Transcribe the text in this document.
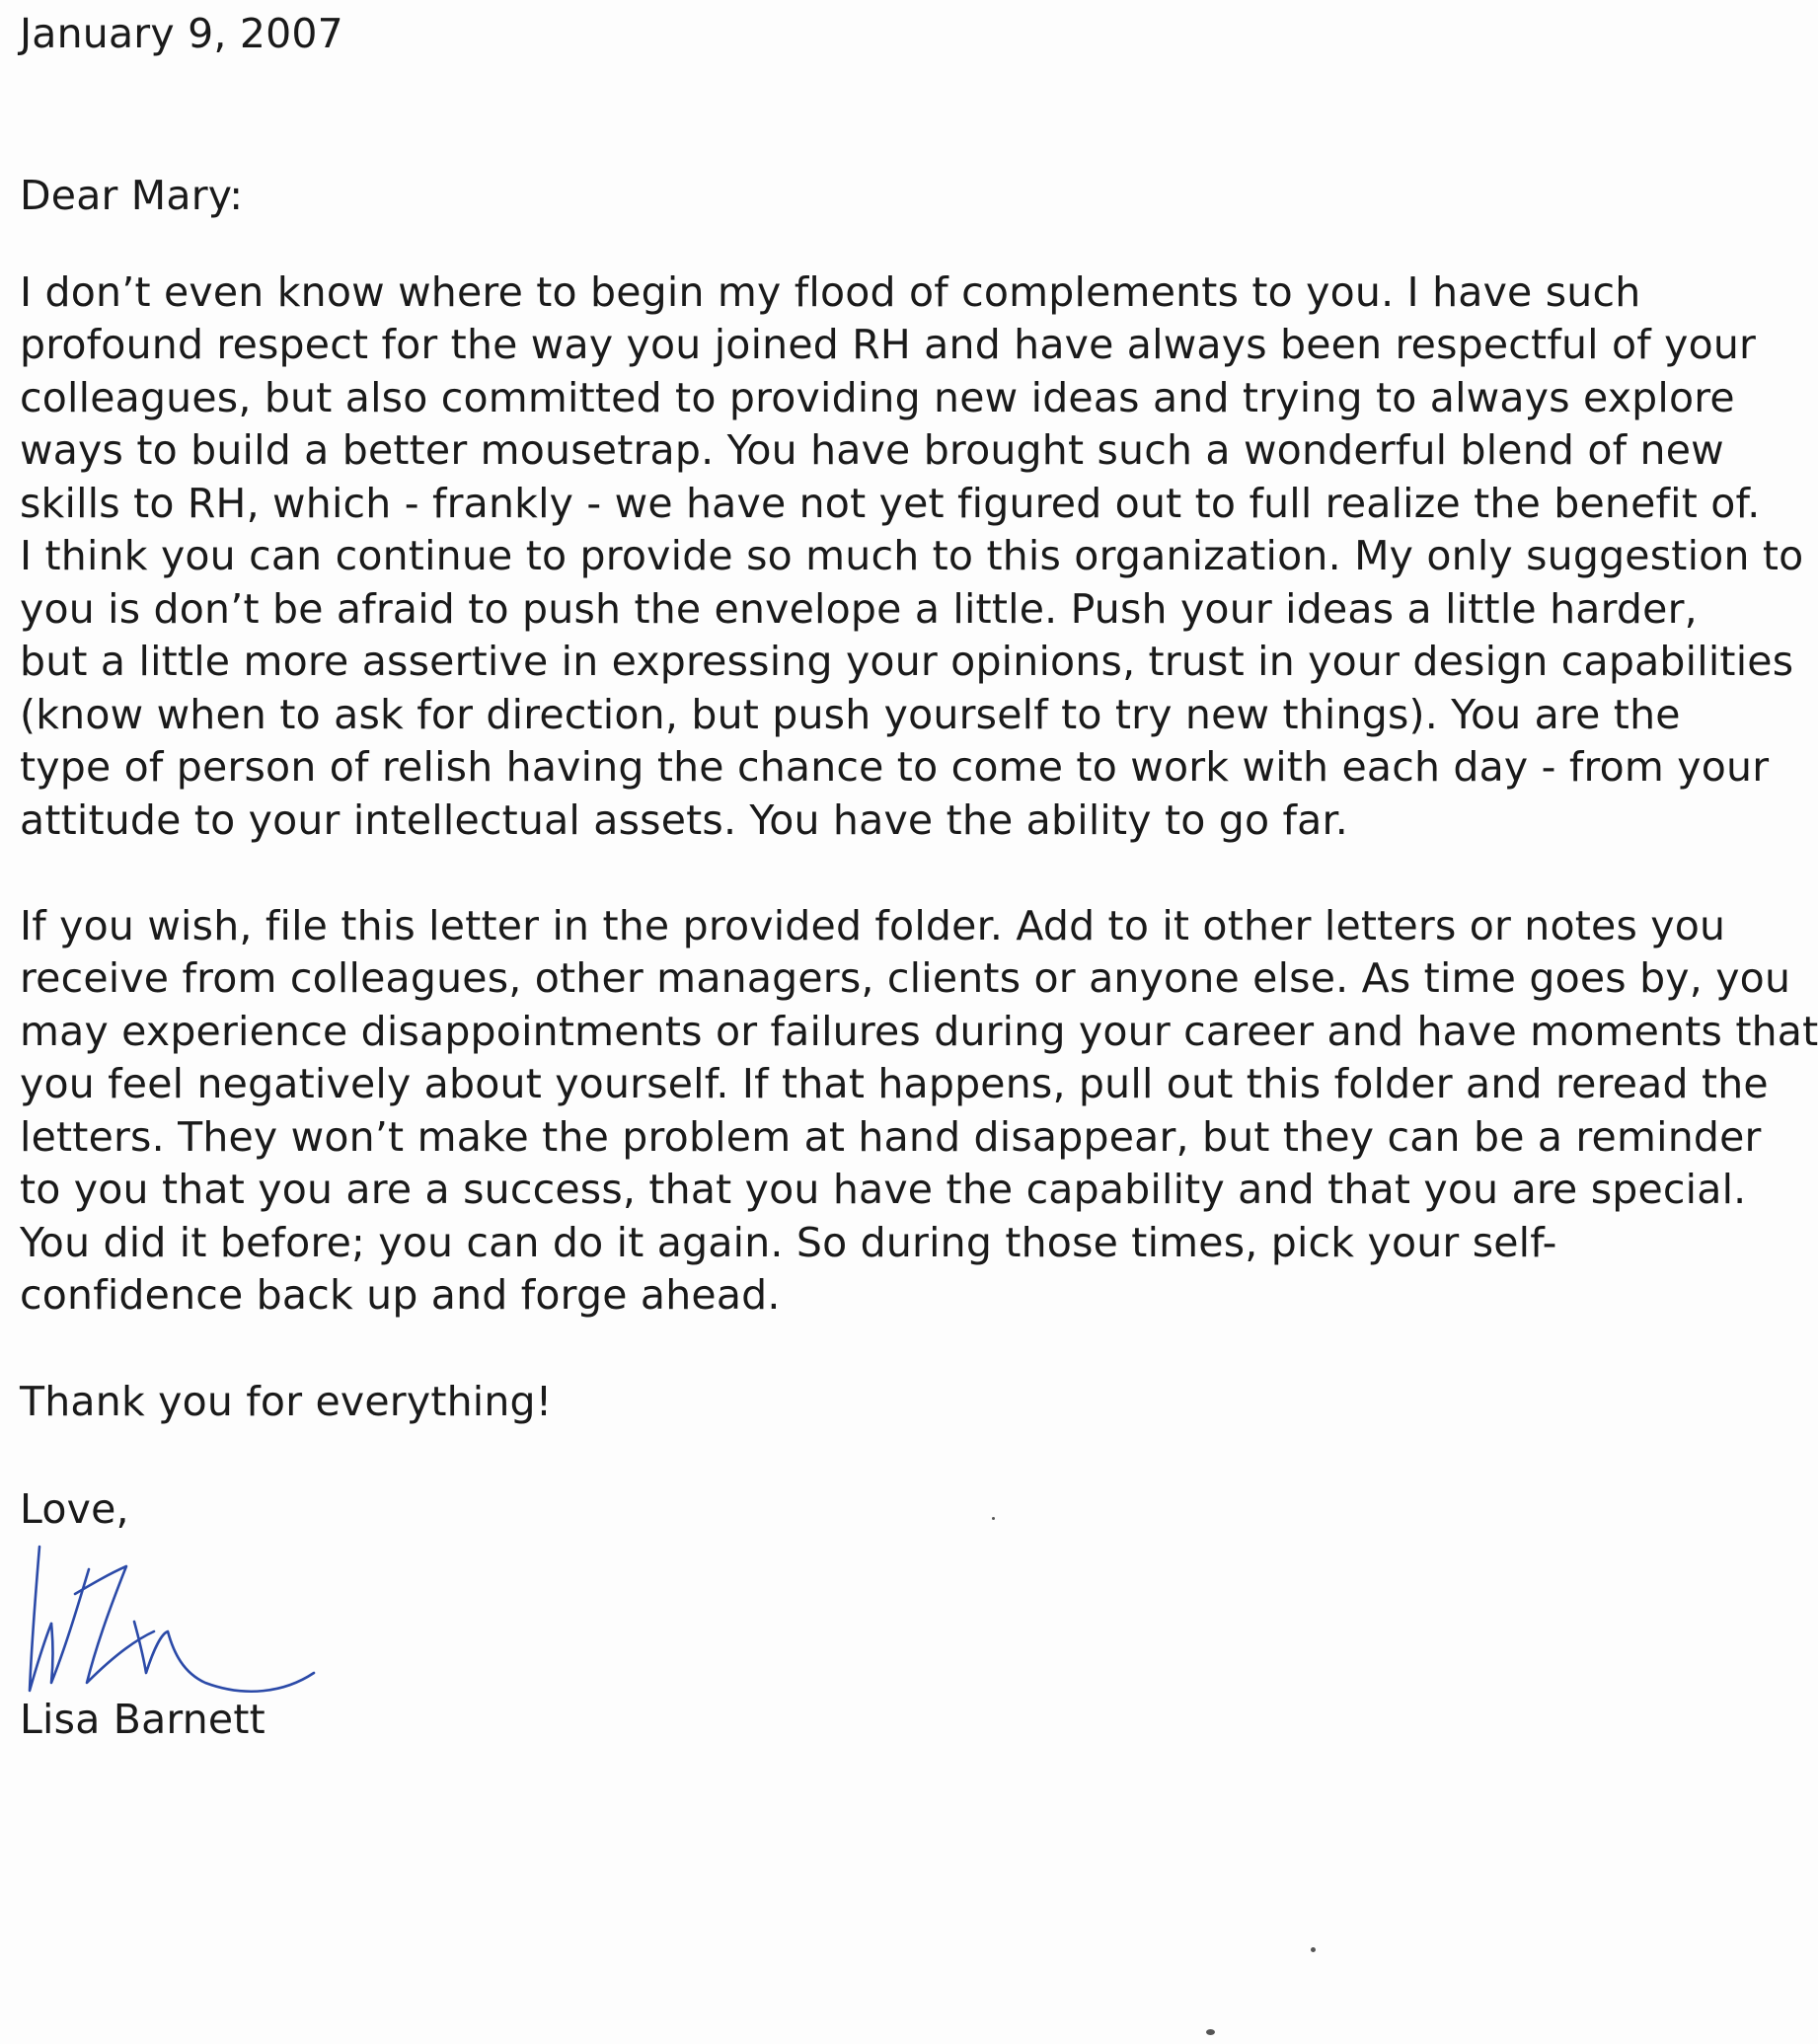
January 9, 2007
Dear Mary:
I don’t even know where to begin my flood of complements to you. I have such
profound respect for the way you joined RH and have always been respectful of your
colleagues, but also committed to providing new ideas and trying to always explore
ways to build a better mousetrap. You have brought such a wonderful blend of new
skills to RH, which - frankly - we have not yet figured out to full realize the benefit of.
I think you can continue to provide so much to this organization. My only suggestion to
you is don’t be afraid to push the envelope a little. Push your ideas a little harder,
but a little more assertive in expressing your opinions, trust in your design capabilities
(know when to ask for direction, but push yourself to try new things). You are the
type of person of relish having the chance to come to work with each day - from your
attitude to your intellectual assets. You have the ability to go far.
If you wish, file this letter in the provided folder. Add to it other letters or notes you
receive from colleagues, other managers, clients or anyone else. As time goes by, you
may experience disappointments or failures during your career and have moments that
you feel negatively about yourself. If that happens, pull out this folder and reread the
letters. They won’t make the problem at hand disappear, but they can be a reminder
to you that you are a success, that you have the capability and that you are special.
You did it before; you can do it again. So during those times, pick your self-
confidence back up and forge ahead.
Thank you for everything!
Love,
Lisa Barnett
